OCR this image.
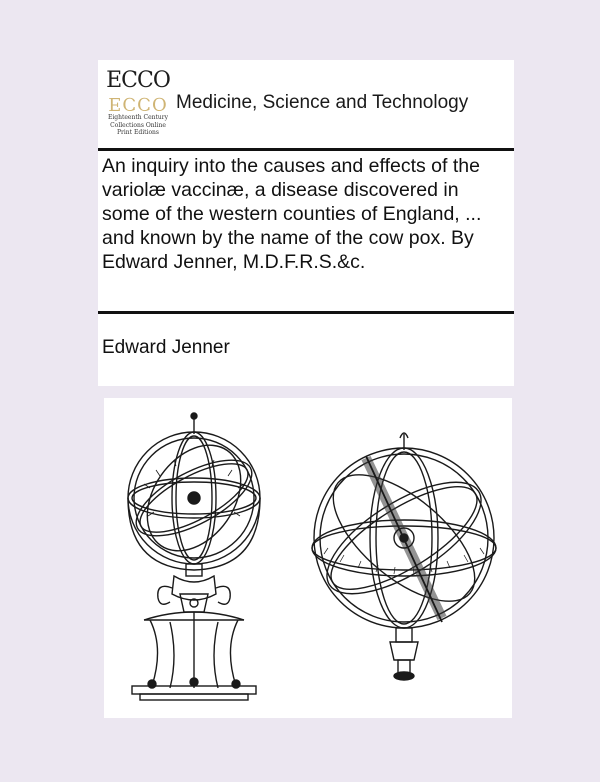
ECCO
ECCO
Eighteenth Century
Collections Online
Print Editions
Medicine, Science and Technology
An inquiry into the causes and effects of the variolæ vaccinæ, a disease discovered in some of the western counties of England, ... and known by the name of the cow pox. By Edward Jenner, M.D.F.R.S.&c.
Edward Jenner
